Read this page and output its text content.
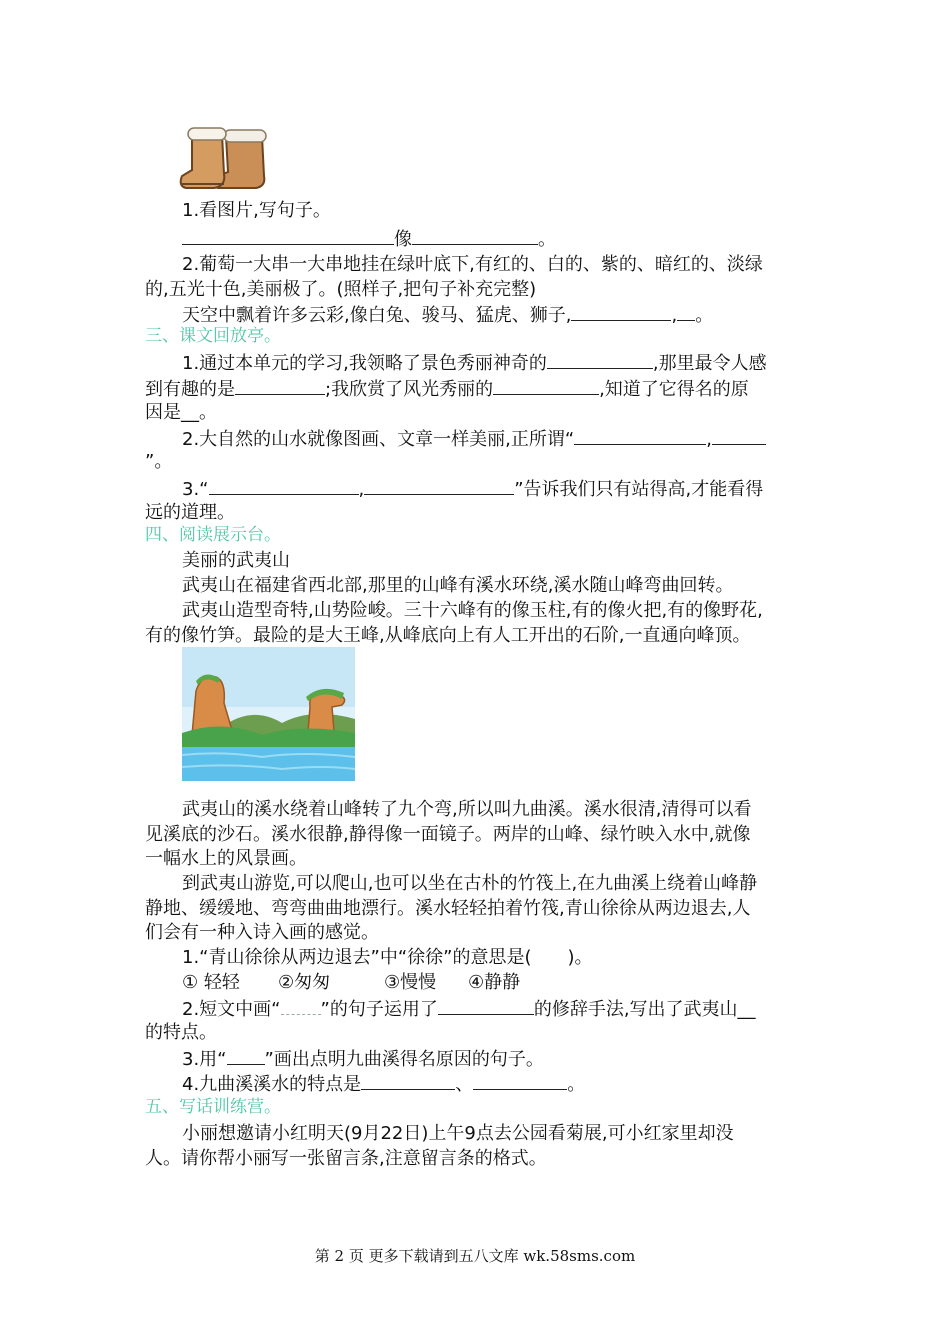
1.看图片,写句子。
像	。
2.葡萄一大串一大串地挂在绿叶底下,有红的、白的、紫的、暗红的、淡绿
的,五光十色,美丽极了。(照样子,把句子补充完整)
天空中飘着许多云彩,像白兔、骏马、猛虎、狮子,	, 。
三、课文回放亭。
1.通过本单元的学习,我领略了景色秀丽神奇的	,那里最令人感
到有趣的是	;我欣赏了风光秀丽的	,知道了它得名的原
因是__。
2.大自然的山水就像图画、文章一样美丽,正所谓“	,
”。
3.“	,	”告诉我们只有站得高,才能看得
远的道理。
四、阅读展示台。
美丽的武夷山
武夷山在福建省西北部,那里的山峰有溪水环绕,溪水随山峰弯曲回转。
武夷山造型奇特,山势险峻。三十六峰有的像玉柱,有的像火把,有的像野花,
有的像竹笋。最险的是大王峰,从峰底向上有人工开出的石阶,一直通向峰顶。
武夷山的溪水绕着山峰转了九个弯,所以叫九曲溪。溪水很清,清得可以看
见溪底的沙石。溪水很静,静得像一面镜子。两岸的山峰、绿竹映入水中,就像
一幅水上的风景画。
到武夷山游览,可以爬山,也可以坐在古朴的竹筏上,在九曲溪上绕着山峰静
静地、缓缓地、弯弯曲曲地漂行。溪水轻轻拍着竹筏,青山徐徐从两边退去,人
们会有一种入诗入画的感觉。
1.“青山徐徐从两边退去”中“徐徐”的意思是(　　)。
① 轻轻 ②匆匆	③慢慢 ④静静
2.短文中画“ ”的句子运用了	的修辞手法,写出了武夷山__
的特点。
3.用“ ”画出点明九曲溪得名原因的句子。
4.九曲溪溪水的特点是	、	。
五、写话训练营。
小丽想邀请小红明天(9月22日)上午9点去公园看菊展,可小红家里却没
人。请你帮小丽写一张留言条,注意留言条的格式。
第 2 页 更多下载请到五八文库 wk.58sms.com
